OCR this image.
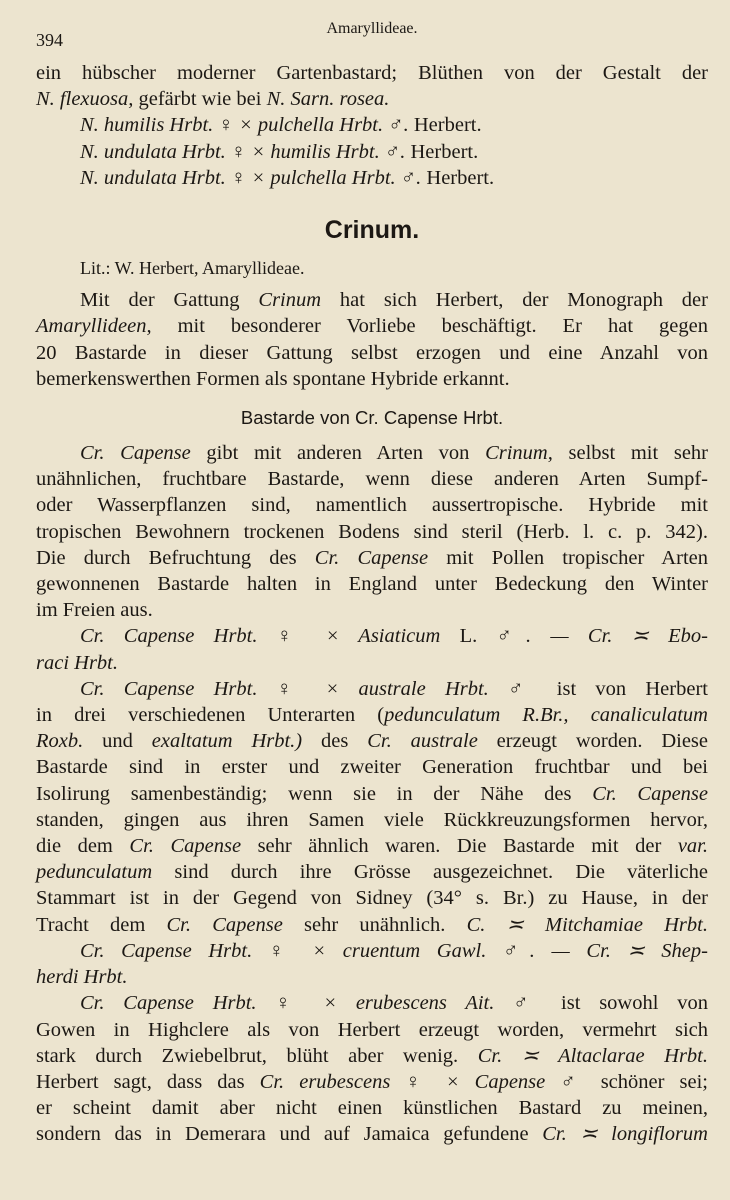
394
Amaryllideae.
ein hübscher moderner Gartenbastard; Blüthen von der Gestalt der
N. flexuosa, gefärbt wie bei N. Sarn. rosea.
N. humilis Hrbt. ♀ × pulchella Hrbt. ♂. Herbert.
N. undulata Hrbt. ♀ × humilis Hrbt. ♂. Herbert.
N. undulata Hrbt. ♀ × pulchella Hrbt. ♂. Herbert.
Crinum.
Lit.: W. Herbert, Amaryllideae.
Mit der Gattung Crinum hat sich Herbert, der Monograph der
Amaryllideen, mit besonderer Vorliebe beschäftigt. Er hat gegen
20 Bastarde in dieser Gattung selbst erzogen und eine Anzahl von
bemerkenswerthen Formen als spontane Hybride erkannt.
Bastarde von Cr. Capense Hrbt.
Cr. Capense gibt mit anderen Arten von Crinum, selbst mit sehr
unähnlichen, fruchtbare Bastarde, wenn diese anderen Arten Sumpf-
oder Wasserpflanzen sind, namentlich aussertropische. Hybride mit
tropischen Bewohnern trockenen Bodens sind steril (Herb. l. c. p. 342).
Die durch Befruchtung des Cr. Capense mit Pollen tropischer Arten
gewonnenen Bastarde halten in England unter Bedeckung den Winter
im Freien aus.
Cr. Capense Hrbt. ♀ × Asiaticum L. ♂. — Cr. ≍ Ebo-
raci Hrbt.
Cr. Capense Hrbt. ♀ × australe Hrbt. ♂ ist von Herbert
in drei verschiedenen Unterarten (pedunculatum R.Br., canaliculatum
Roxb. und exaltatum Hrbt.) des Cr. australe erzeugt worden. Diese
Bastarde sind in erster und zweiter Generation fruchtbar und bei
Isolirung samenbeständig; wenn sie in der Nähe des Cr. Capense
standen, gingen aus ihren Samen viele Rückkreuzungsformen hervor,
die dem Cr. Capense sehr ähnlich waren. Die Bastarde mit der var.
pedunculatum sind durch ihre Grösse ausgezeichnet. Die väterliche
Stammart ist in der Gegend von Sidney (34° s. Br.) zu Hause, in der
Tracht dem Cr. Capense sehr unähnlich. C. ≍ Mitchamiae Hrbt.
Cr. Capense Hrbt. ♀ × cruentum Gawl. ♂. — Cr. ≍ Shep-
herdi Hrbt.
Cr. Capense Hrbt. ♀ × erubescens Ait. ♂ ist sowohl von
Gowen in Highclere als von Herbert erzeugt worden, vermehrt sich
stark durch Zwiebelbrut, blüht aber wenig. Cr. ≍ Altaclarae Hrbt.
Herbert sagt, dass das Cr. erubescens ♀ × Capense ♂ schöner sei;
er scheint damit aber nicht einen künstlichen Bastard zu meinen,
sondern das in Demerara und auf Jamaica gefundene Cr. ≍ longiflorum
